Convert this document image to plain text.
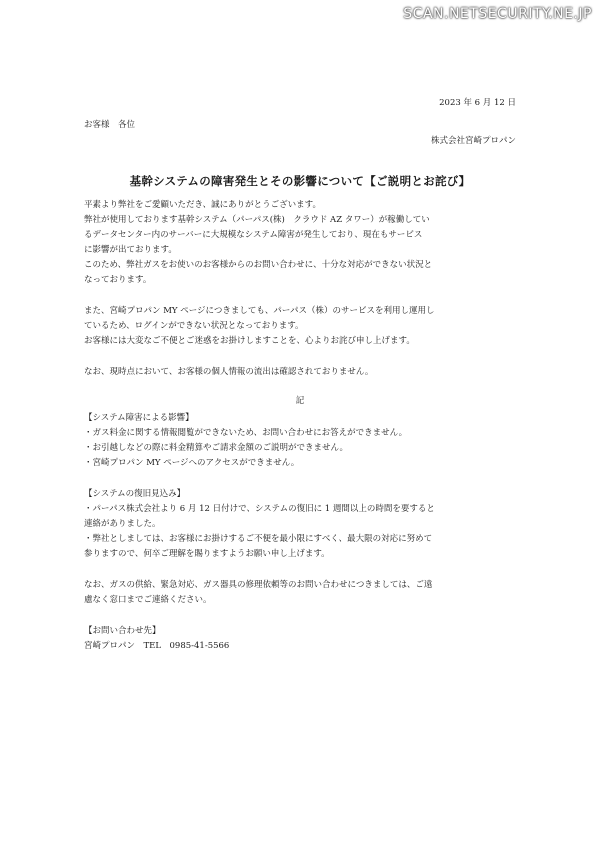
SCAN.NETSECURITY.NE.JP
2023 年 6 月 12 日
お客様　各位
株式会社宮崎プロパン
基幹システムの障害発生とその影響について【ご説明とお詫び】
平素より弊社をご愛顧いただき、誠にありがとうございます。
弊社が使用しております基幹システム（パーパス(株)　クラウド AZ タワー）が稼働してい
るデータセンター内のサーバーに大規模なシステム障害が発生しており、現在もサービス
に影響が出ております。
このため、弊社ガスをお使いのお客様からのお問い合わせに、十分な対応ができない状況と
なっております。
また、宮崎プロパン MY ページにつきましても、パーパス（株）のサービスを利用し運用し
ているため、ログインができない状況となっております。
お客様には大変なご不便とご迷惑をお掛けしますことを、心よりお詫び申し上げます。
なお、現時点において、お客様の個人情報の流出は確認されておりません。
記
【システム障害による影響】
・ガス料金に関する情報閲覧ができないため、お問い合わせにお答えができません。
・お引越しなどの際に料金精算やご請求金額のご説明ができません。
・宮崎プロパン MY ページへのアクセスができません。
【システムの復旧見込み】
・パーパス株式会社より 6 月 12 日付けで、システムの復旧に 1 週間以上の時間を要すると
連絡がありました。
・弊社としましては、お客様にお掛けするご不便を最小限にすべく、最大限の対応に努めて
参りますので、何卒ご理解を賜りますようお願い申し上げます。
なお、ガスの供給、緊急対応、ガス器具の修理依頼等のお問い合わせにつきましては、ご遠
慮なく窓口までご連絡ください。
【お問い合わせ先】
宮崎プロパン　TEL　0985-41-5566
